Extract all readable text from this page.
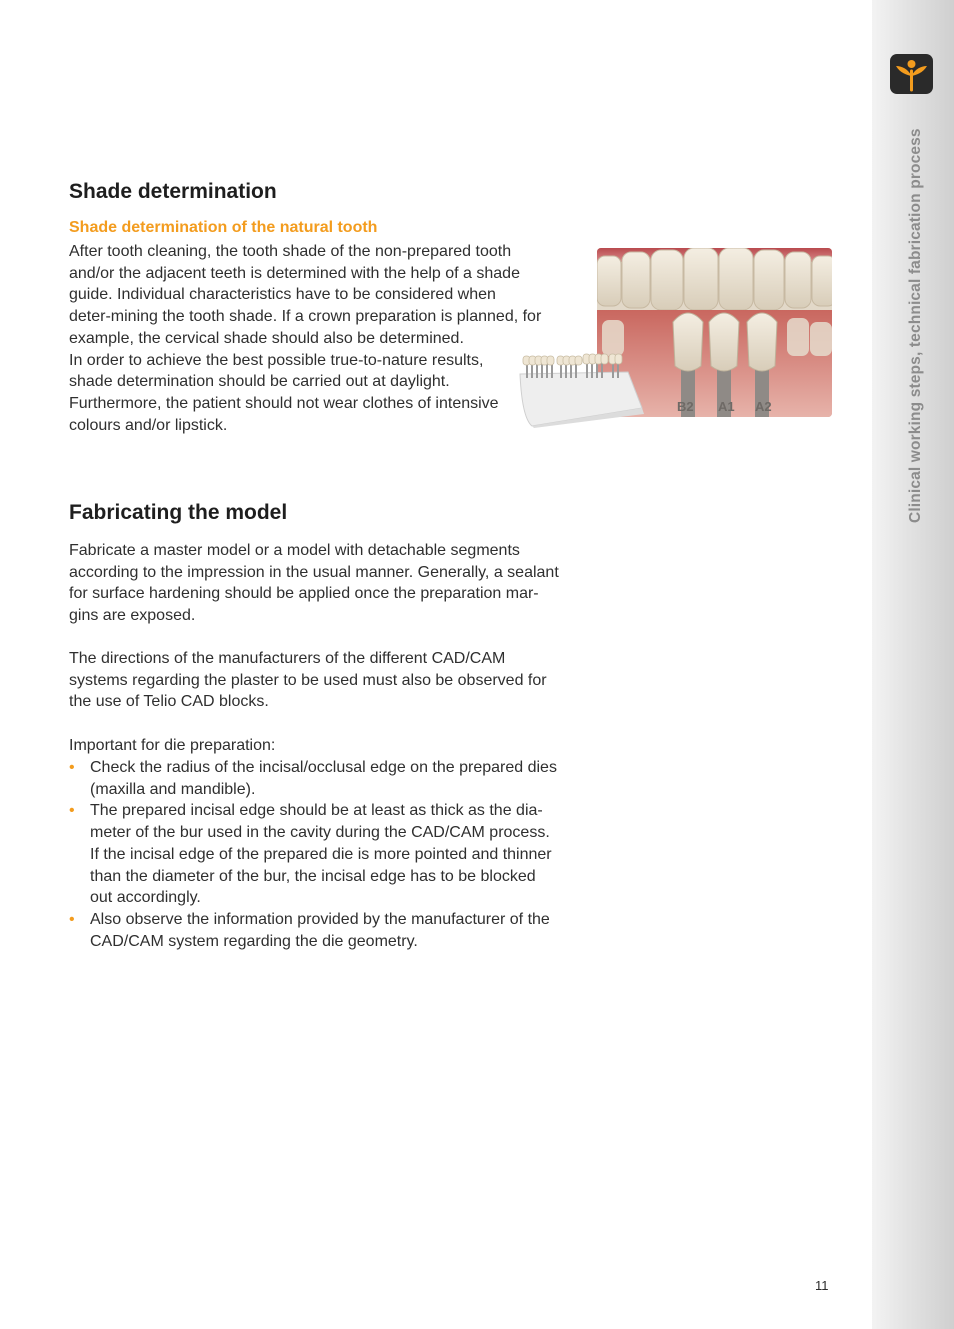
Clinical working steps, technical fabrication process
Shade determination

Shade determination of the natural tooth

After tooth cleaning, the tooth shade of the non-prepared tooth
and/or the adjacent teeth is determined with the help of a shade
guide. Individual characteristics have to be considered when
deter-mining the tooth shade. If a crown preparation is planned, for
example, the cervical shade should also be determined.
In order to achieve the best possible true-to-nature results,
shade determination should be carried out at daylight.
Furthermore, the patient should not wear clothes of intensive
colours and/or lipstick.

B2 A1 A2
Fabricating the model

Fabricate a master model or a model with detachable segments
according to the impression in the usual manner. Generally, a sealant
for surface hardening should be applied once the preparation mar-
gins are exposed.

The directions of the manufacturers of the different CAD/CAM
systems regarding the plaster to be used must also be observed for
the use of Telio CAD blocks.

Important for die preparation:

• Check the radius of the incisal/occlusal edge on the prepared dies
(maxilla and mandible).
• The prepared incisal edge should be at least as thick as the dia-
meter of the bur used in the cavity during the CAD/CAM process.
If the incisal edge of the prepared die is more pointed and thinner
than the diameter of the bur, the incisal edge has to be blocked
out accordingly.
• Also observe the information provided by the manufacturer of the
CAD/CAM system regarding the die geometry.
11
